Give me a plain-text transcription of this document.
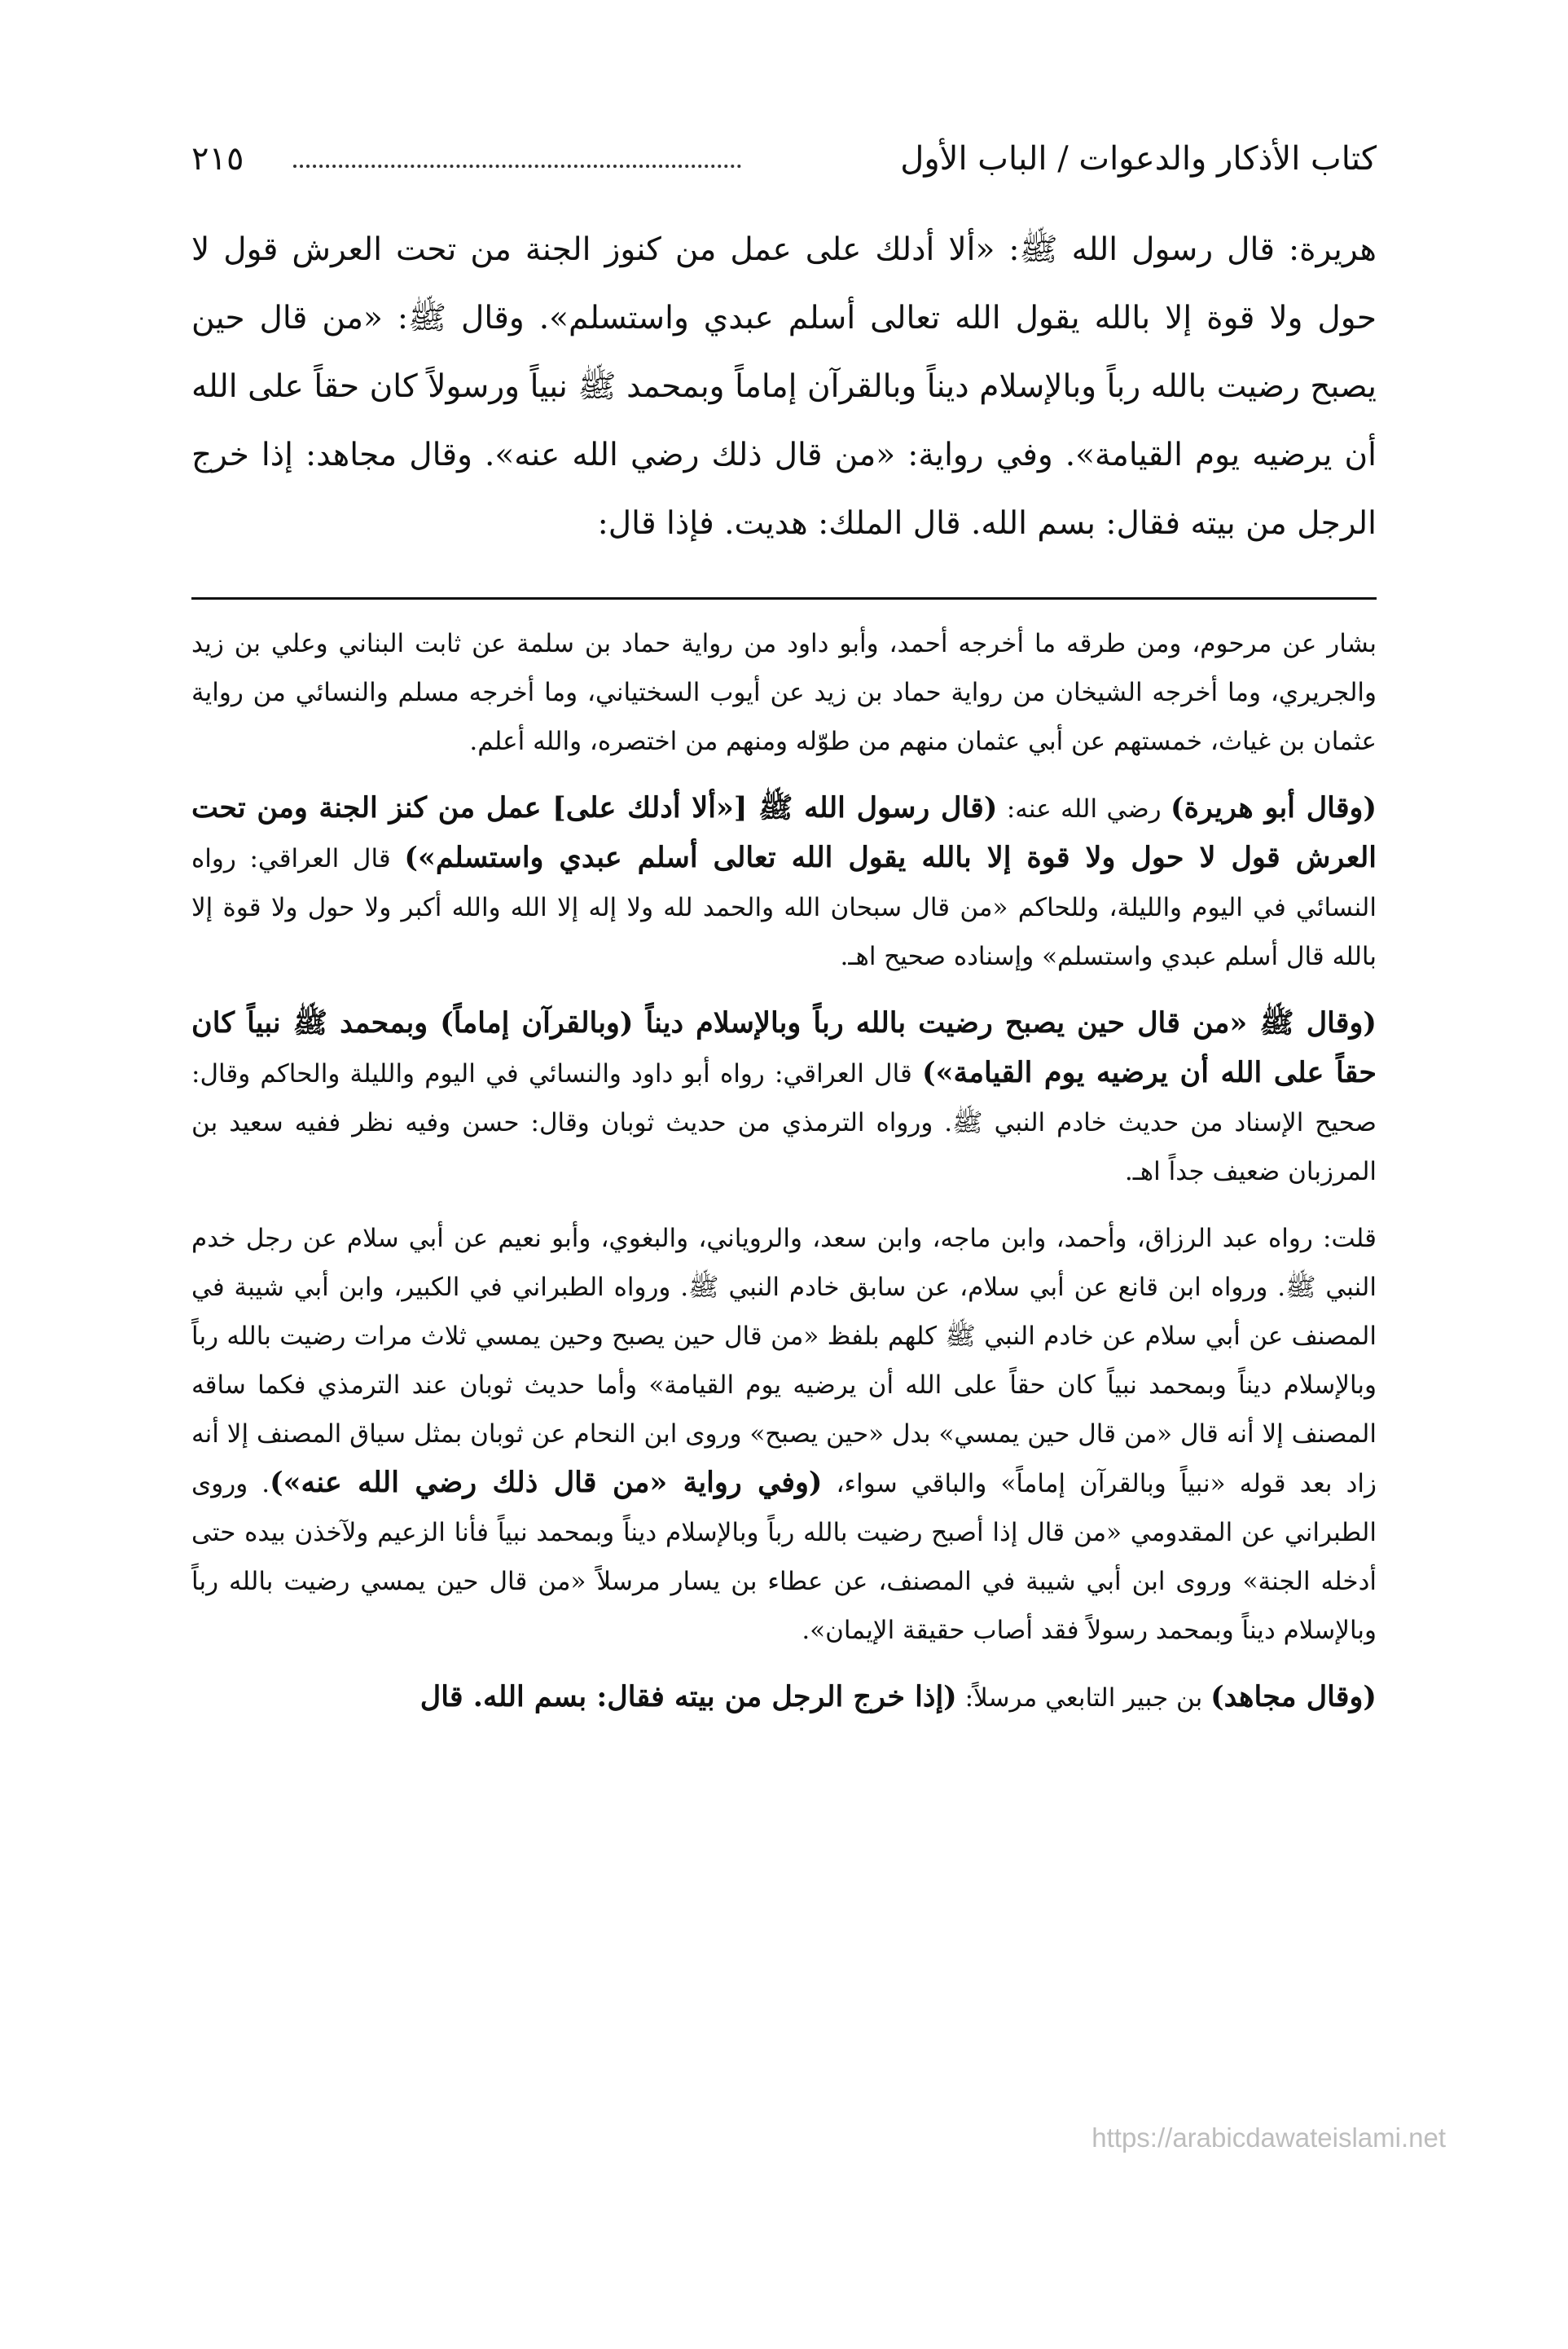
كتاب الأذكار والدعوات / الباب الأول
٢١٥

هريرة: قال رسول الله ﷺ: «ألا أدلك على عمل من كنوز الجنة من تحت العرش قول لا حول ولا قوة إلا بالله يقول الله تعالى أسلم عبدي واستسلم». وقال ﷺ: «من قال حين يصبح رضيت بالله رباً وبالإسلام ديناً وبالقرآن إماماً وبمحمد ﷺ نبياً ورسولاً كان حقاً على الله أن يرضيه يوم القيامة». وفي رواية: «من قال ذلك رضي الله عنه». وقال مجاهد: إذا خرج الرجل من بيته فقال: بسم الله. قال الملك: هديت. فإذا قال:

بشار عن مرحوم، ومن طرقه ما أخرجه أحمد، وأبو داود من رواية حماد بن سلمة عن ثابت البناني وعلي بن زيد والجريري، وما أخرجه الشيخان من رواية حماد بن زيد عن أيوب السختياني، وما أخرجه مسلم والنسائي من رواية عثمان بن غياث، خمستهم عن أبي عثمان منهم من طوّله ومنهم من اختصره، والله أعلم.

(وقال أبو هريرة) رضي الله عنه: (قال رسول الله ﷺ [«ألا أدلك على] عمل من كنز الجنة ومن تحت العرش قول لا حول ولا قوة إلا بالله يقول الله تعالى أسلم عبدي واستسلم») قال العراقي: رواه النسائي في اليوم والليلة، وللحاكم «من قال سبحان الله والحمد لله ولا إله إلا الله والله أكبر ولا حول ولا قوة إلا بالله قال أسلم عبدي واستسلم» وإسناده صحيح اهـ.

(وقال ﷺ «من قال حين يصبح رضيت بالله رباً وبالإسلام ديناً (وبالقرآن إماماً) وبمحمد ﷺ نبياً كان حقاً على الله أن يرضيه يوم القيامة») قال العراقي: رواه أبو داود والنسائي في اليوم والليلة والحاكم وقال: صحيح الإسناد من حديث خادم النبي ﷺ. ورواه الترمذي من حديث ثوبان وقال: حسن وفيه نظر ففيه سعيد بن المرزبان ضعيف جداً اهـ.

قلت: رواه عبد الرزاق، وأحمد، وابن ماجه، وابن سعد، والروياني، والبغوي، وأبو نعيم عن أبي سلام عن رجل خدم النبي ﷺ. ورواه ابن قانع عن أبي سلام، عن سابق خادم النبي ﷺ. ورواه الطبراني في الكبير، وابن أبي شيبة في المصنف عن أبي سلام عن خادم النبي ﷺ كلهم بلفظ «من قال حين يصبح وحين يمسي ثلاث مرات رضيت بالله رباً وبالإسلام ديناً وبمحمد نبياً كان حقاً على الله أن يرضيه يوم القيامة» وأما حديث ثوبان عند الترمذي فكما ساقه المصنف إلا أنه قال «من قال حين يمسي» بدل «حين يصبح» وروى ابن النحام عن ثوبان بمثل سياق المصنف إلا أنه زاد بعد قوله «نبياً وبالقرآن إماماً» والباقي سواء، (وفي رواية «من قال ذلك رضي الله عنه»). وروى الطبراني عن المقدومي «من قال إذا أصبح رضيت بالله رباً وبالإسلام ديناً وبمحمد نبياً فأنا الزعيم ولآخذن بيده حتى أدخله الجنة» وروى ابن أبي شيبة في المصنف، عن عطاء بن يسار مرسلاً «من قال حين يمسي رضيت بالله رباً وبالإسلام ديناً وبمحمد رسولاً فقد أصاب حقيقة الإيمان».

(وقال مجاهد) بن جبير التابعي مرسلاً: (إذا خرج الرجل من بيته فقال: بسم الله. قال

https://arabicdawateislami.net
